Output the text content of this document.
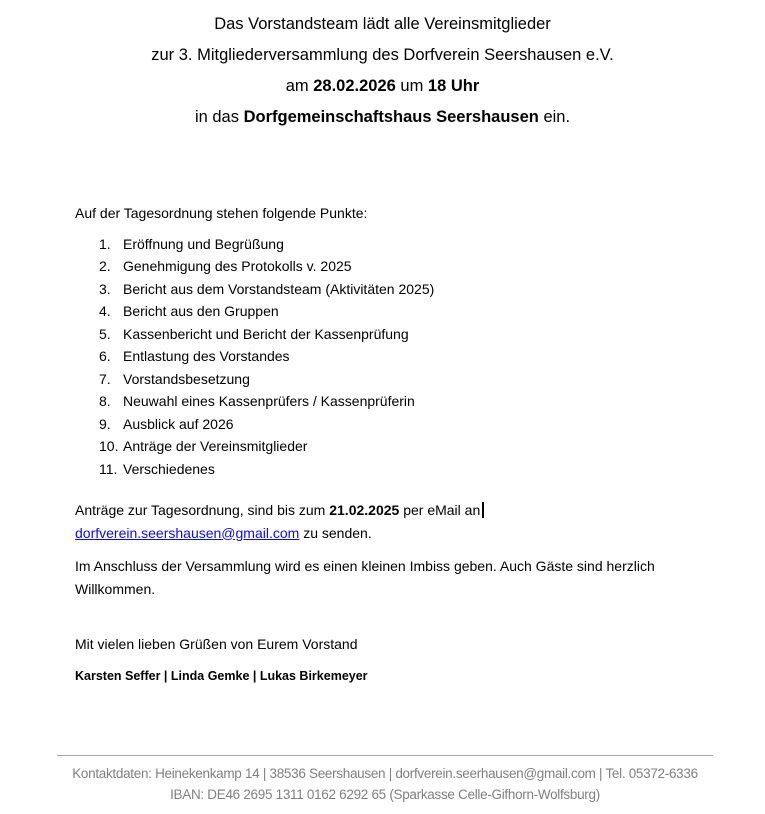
Das Vorstandsteam lädt alle Vereinsmitglieder
zur 3. Mitgliederversammlung des Dorfverein Seershausen e.V.
am 28.02.2026 um 18 Uhr
in das Dorfgemeinschaftshaus Seershausen ein.

Auf der Tagesordnung stehen folgende Punkte:

1. Eröffnung und Begrüßung
2. Genehmigung des Protokolls v. 2025
3. Bericht aus dem Vorstandsteam (Aktivitäten 2025)
4. Bericht aus den Gruppen
5. Kassenbericht und Bericht der Kassenprüfung
6. Entlastung des Vorstandes
7. Vorstandsbesetzung
8. Neuwahl eines Kassenprüfers / Kassenprüferin
9. Ausblick auf 2026
10. Anträge der Vereinsmitglieder
11. Verschiedenes

Anträge zur Tagesordnung, sind bis zum 21.02.2025 per eMail an
dorfverein.seershausen@gmail.com zu senden.

Im Anschluss der Versammlung wird es einen kleinen Imbiss geben. Auch Gäste sind herzlich
Willkommen.

Mit vielen lieben Grüßen von Eurem Vorstand

Karsten Seffer | Linda Gemke | Lukas Birkemeyer

Kontaktdaten: Heinekenkamp 14 | 38536 Seershausen | dorfverein.seerhausen@gmail.com | Tel. 05372-6336
IBAN: DE46 2695 1311 0162 6292 65 (Sparkasse Celle-Gifhorn-Wolfsburg)
